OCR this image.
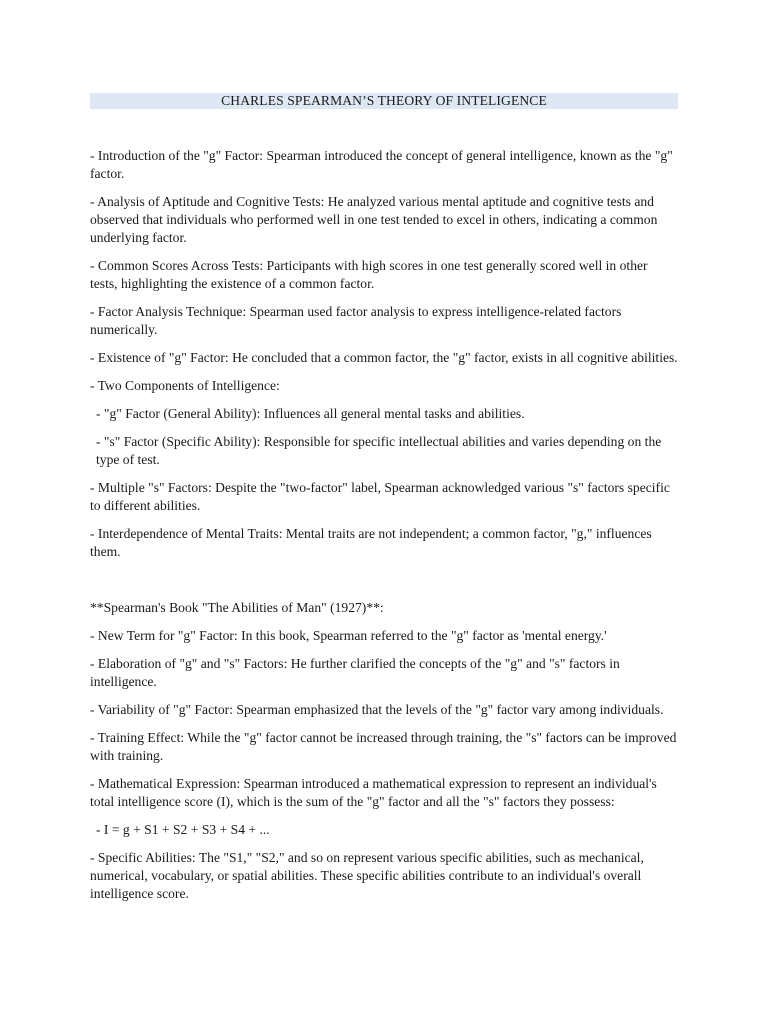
CHARLES SPEARMAN’S THEORY OF INTELIGENCE

- Introduction of the "g" Factor: Spearman introduced the concept of general intelligence, known as the "g" factor.

- Analysis of Aptitude and Cognitive Tests: He analyzed various mental aptitude and cognitive tests and observed that individuals who performed well in one test tended to excel in others, indicating a common underlying factor.

- Common Scores Across Tests: Participants with high scores in one test generally scored well in other tests, highlighting the existence of a common factor.

- Factor Analysis Technique: Spearman used factor analysis to express intelligence-related factors numerically.

- Existence of "g" Factor: He concluded that a common factor, the "g" factor, exists in all cognitive abilities.

- Two Components of Intelligence:

- "g" Factor (General Ability): Influences all general mental tasks and abilities.

- "s" Factor (Specific Ability): Responsible for specific intellectual abilities and varies depending on the type of test.

- Multiple "s" Factors: Despite the "two-factor" label, Spearman acknowledged various "s" factors specific to different abilities.

- Interdependence of Mental Traits: Mental traits are not independent; a common factor, "g," influences them.

**Spearman's Book "The Abilities of Man" (1927)**:

- New Term for "g" Factor: In this book, Spearman referred to the "g" factor as 'mental energy.'

- Elaboration of "g" and "s" Factors: He further clarified the concepts of the "g" and "s" factors in intelligence.

- Variability of "g" Factor: Spearman emphasized that the levels of the "g" factor vary among individuals.

- Training Effect: While the "g" factor cannot be increased through training, the "s" factors can be improved with training.

- Mathematical Expression: Spearman introduced a mathematical expression to represent an individual's total intelligence score (I), which is the sum of the "g" factor and all the "s" factors they possess:

- I = g + S1 + S2 + S3 + S4 + ...

- Specific Abilities: The "S1," "S2," and so on represent various specific abilities, such as mechanical, numerical, vocabulary, or spatial abilities. These specific abilities contribute to an individual's overall intelligence score.
